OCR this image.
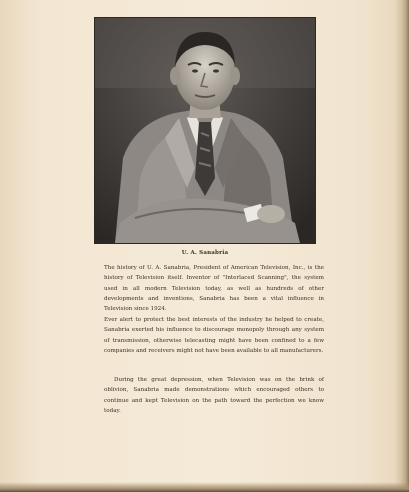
U. A. Sanabria

The history of U. A. Sanabria, President of American Television, Inc., is the history of Television itself. Inventor of "Interlaced Scanning", the system used in all modern Television today, as well as hundreds of other developments and inventions, Sanabria has been a vital influence in Television since 1924.

Ever alert to protect the best interests of the industry he helped to create, Sanabria exerted his influence to discourage monopoly through any system of transmission, otherwise telecasting might have been confined to a few companies and receivers might not have been available to all manufacturers.

During the great depression, when Television was on the brink of oblivion, Sanabria made demonstrations which encouraged others to continue and kept Television on the path toward the perfection we know today.
